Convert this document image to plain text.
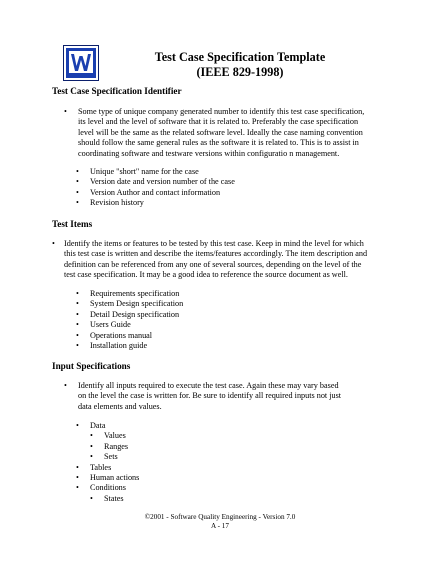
Test Case Specification Template
(IEEE 829-1998)
Test Case Specification Identifier
• Some type of unique company generated number to identify this test case specification,
its level and the level of software that it is related to. Preferably the case specification
level will be the same as the related software level. Ideally the case naming convention
should follow the same general rules as the software it is related to. This is to assist in
coordinating software and testware versions within configuratio n management.
• Unique "short" name for the case
• Version date and version number of the case
• Version Author and contact information
• Revision history
Test Items
• Identify the items or features to be tested by this test case. Keep in mind the level for which
this test case is written and describe the items/features accordingly. The item description and
definition can be referenced from any one of several sources, depending on the level of the
test case specification. It may be a good idea to reference the source document as well.
• Requirements specification
• System Design specification
• Detail Design specification
• Users Guide
• Operations manual
• Installation guide
Input Specifications
• Identify all inputs required to execute the test case. Again these may vary based
on the level the case is written for. Be sure to identify all required inputs not just
data elements and values.
• Data
• Values
• Ranges
• Sets
• Tables
• Human actions
• Conditions
• States
©2001 - Software Quality Engineering - Version 7.0
A - 17
